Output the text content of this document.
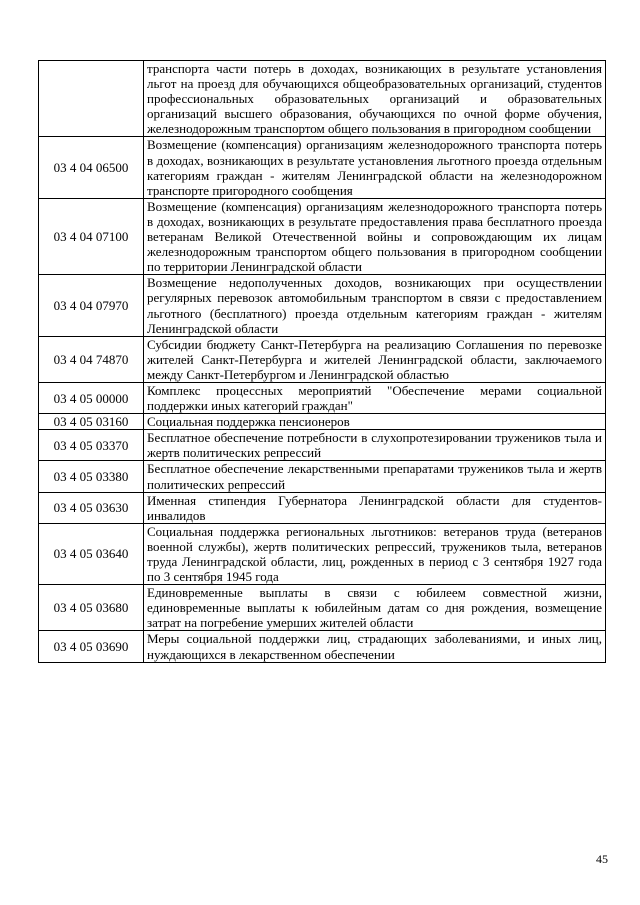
	транспорта части потерь в доходах, возникающих в результате установления льгот на проезд для обучающихся общеобразовательных организаций, студентов профессиональных образовательных организаций и образовательных организаций высшего образования, обучающихся по очной форме обучения, железнодорожным транспортом общего пользования в пригородном сообщении
03 4 04 06500	Возмещение (компенсация) организациям железнодорожного транспорта потерь в доходах, возникающих в результате установления льготного проезда отдельным категориям граждан - жителям Ленинградской области на железнодорожном транспорте пригородного сообщения
03 4 04 07100	Возмещение (компенсация) организациям железнодорожного транспорта потерь в доходах, возникающих в результате предоставления права бесплатного проезда ветеранам Великой Отечественной войны и сопровождающим их лицам железнодорожным транспортом общего пользования в пригородном сообщении по территории Ленинградской области
03 4 04 07970	Возмещение недополученных доходов, возникающих при осуществлении регулярных перевозок автомобильным транспортом в связи с предоставлением льготного (бесплатного) проезда отдельным категориям граждан - жителям Ленинградской области
03 4 04 74870	Субсидии бюджету Санкт-Петербурга на реализацию Соглашения по перевозке жителей Санкт-Петербурга и жителей Ленинградской области, заключаемого между Санкт-Петербургом и Ленинградской областью
03 4 05 00000	Комплекс процессных мероприятий "Обеспечение мерами социальной поддержки иных категорий граждан"
03 4 05 03160	Социальная поддержка пенсионеров
03 4 05 03370	Бесплатное обеспечение потребности в слухопротезировании тружеников тыла и жертв политических репрессий
03 4 05 03380	Бесплатное обеспечение лекарственными препаратами тружеников тыла и жертв политических репрессий
03 4 05 03630	Именная стипендия Губернатора Ленинградской области для студентов-инвалидов
03 4 05 03640	Социальная поддержка региональных льготников: ветеранов труда (ветеранов военной службы), жертв политических репрессий, тружеников тыла, ветеранов труда Ленинградской области, лиц, рожденных в период с 3 сентября 1927 года по 3 сентября 1945 года
03 4 05 03680	Единовременные выплаты в связи с юбилеем совместной жизни, единовременные выплаты к юбилейным датам со дня рождения, возмещение затрат на погребение умерших жителей области
03 4 05 03690	Меры социальной поддержки лиц, страдающих заболеваниями, и иных лиц, нуждающихся в лекарственном обеспечении
45
